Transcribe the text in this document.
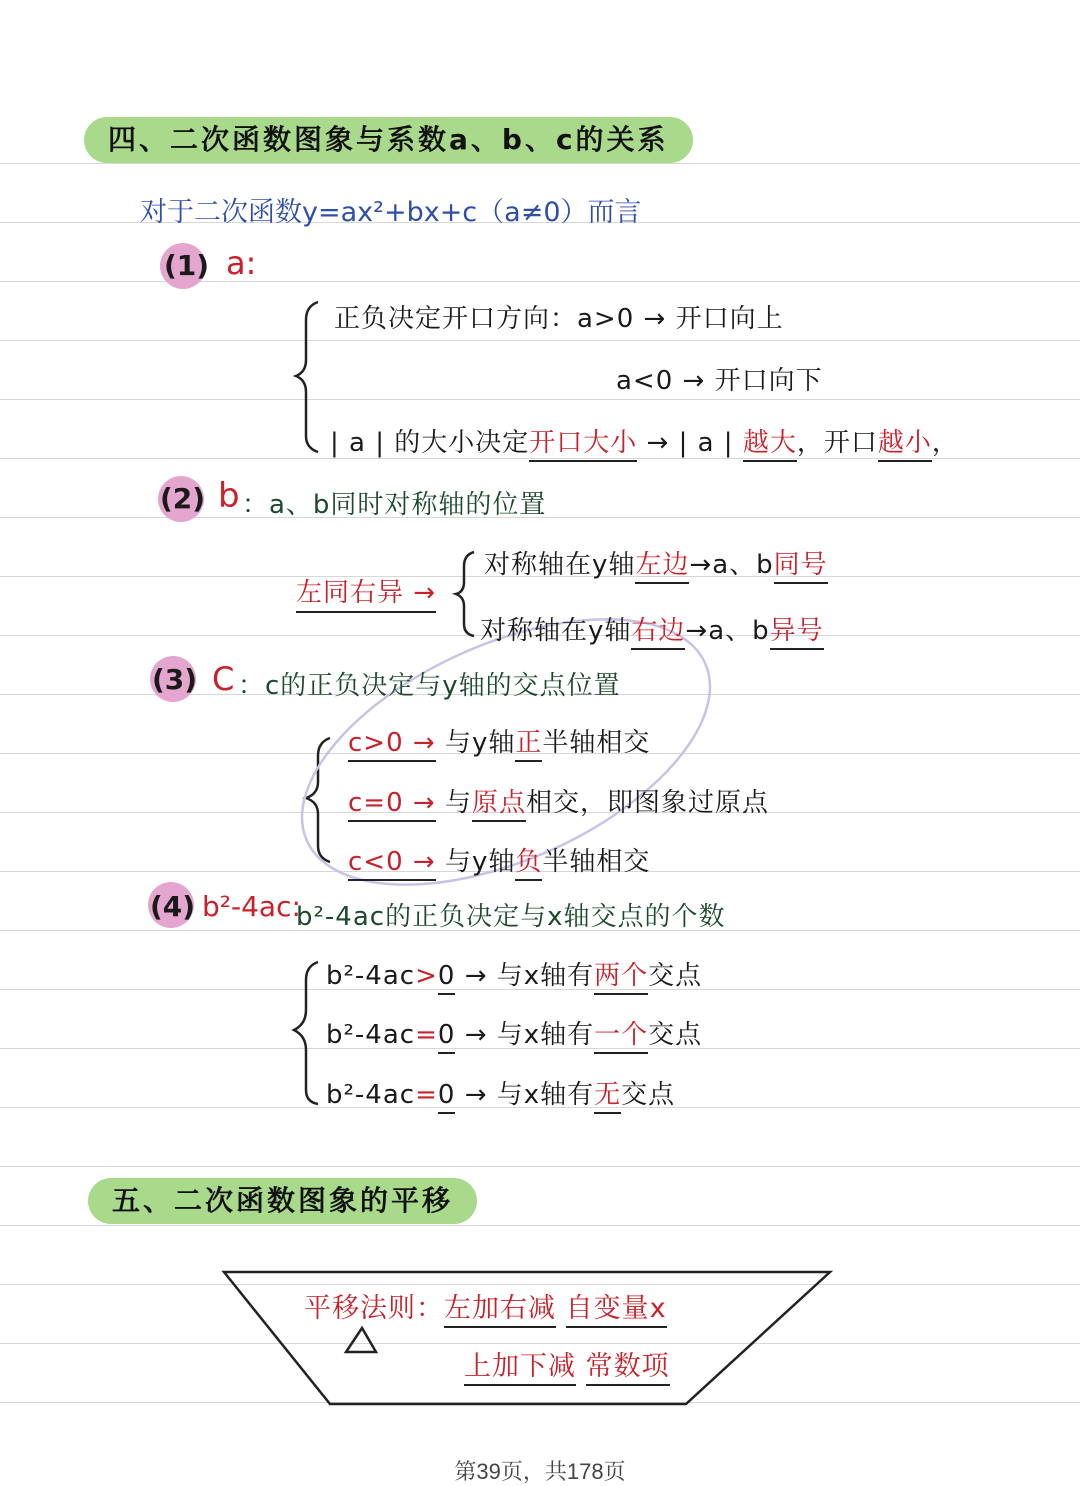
四、二次函数图象与系数a、b、c的关系
对于二次函数y=ax²+bx+c（a≠0）而言
(1) a:
正负决定开口方向：a>0 → 开口向上
a<0 → 开口向下
| a | 的大小决定开口大小 → | a | 越大，开口越小，
(2) b ：a、b同时对称轴的位置
左同右异 →
对称轴在y轴左边→a、b同号
对称轴在y轴右边→a、b异号
(3) C ：c的正负决定与y轴的交点位置
c>0 → 与y轴正半轴相交
c=0 → 与原点相交，即图象过原点
c<0 → 与y轴负半轴相交
(4) b²-4ac:
b²-4ac的正负决定与x轴交点的个数
b²-4ac>0 → 与x轴有两个交点
b²-4ac=0 → 与x轴有一个交点
b²-4ac=0 → 与x轴有无交点
五、二次函数图象的平移
平移法则：左加右减 自变量x
上加下减 常数项
第39页，共178页
